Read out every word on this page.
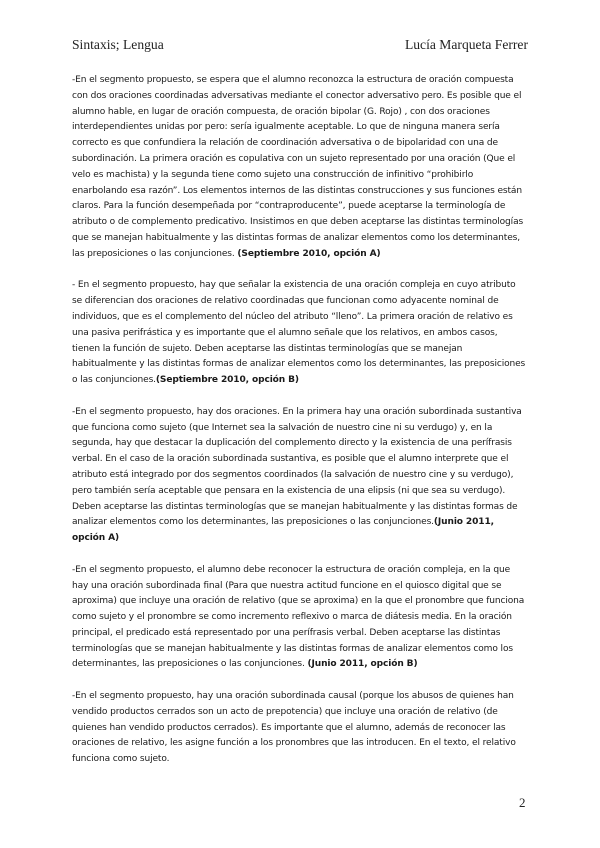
Sintaxis; Lengua	Lucía Marqueta Ferrer

-En el segmento propuesto, se espera que el alumno reconozca la estructura de oración compuesta con dos oraciones coordinadas adversativas mediante el conector adversativo pero. Es posible que el alumno hable, en lugar de oración compuesta, de oración bipolar (G. Rojo) , con dos oraciones interdependientes unidas por pero: sería igualmente aceptable. Lo que de ninguna manera sería correcto es que confundiera la relación de coordinación adversativa o de bipolaridad con una de subordinación. La primera oración es copulativa con un sujeto representado por una oración (Que el velo es machista) y la segunda tiene como sujeto una construcción de infinitivo “prohibirlo enarbolando esa razón”. Los elementos internos de las distintas construcciones y sus funciones están claros. Para la función desempeñada por “contraproducente”, puede aceptarse la terminología de atributo o de complemento predicativo. Insistimos en que deben aceptarse las distintas terminologías que se manejan habitualmente y las distintas formas de analizar elementos como los determinantes, las preposiciones o las conjunciones. (Septiembre 2010, opción A)

- En el segmento propuesto, hay que señalar la existencia de una oración compleja en cuyo atributo se diferencian dos oraciones de relativo coordinadas que funcionan como adyacente nominal de individuos, que es el complemento del núcleo del atributo “lleno”. La primera oración de relativo es una pasiva perifrástica y es importante que el alumno señale que los relativos, en ambos casos, tienen la función de sujeto. Deben aceptarse las distintas terminologías que se manejan habitualmente y las distintas formas de analizar elementos como los determinantes, las preposiciones o las conjunciones.(Septiembre 2010, opción B)

-En el segmento propuesto, hay dos oraciones. En la primera hay una oración subordinada sustantiva que funciona como sujeto (que Internet sea la salvación de nuestro cine ni su verdugo) y, en la segunda, hay que destacar la duplicación del complemento directo y la existencia de una perífrasis verbal. En el caso de la oración subordinada sustantiva, es posible que el alumno interprete que el atributo está integrado por dos segmentos coordinados (la salvación de nuestro cine y su verdugo), pero también sería aceptable que pensara en la existencia de una elipsis (ni que sea su verdugo). Deben aceptarse las distintas terminologías que se manejan habitualmente y las distintas formas de analizar elementos como los determinantes, las preposiciones o las conjunciones.(Junio 2011, opción A)

-En el segmento propuesto, el alumno debe reconocer la estructura de oración compleja, en la que hay una oración subordinada final (Para que nuestra actitud funcione en el quiosco digital que se aproxima) que incluye una oración de relativo (que se aproxima) en la que el pronombre que funciona como sujeto y el pronombre se como incremento reflexivo o marca de diátesis media. En la oración principal, el predicado está representado por una perífrasis verbal. Deben aceptarse las distintas terminologías que se manejan habitualmente y las distintas formas de analizar elementos como los determinantes, las preposiciones o las conjunciones. (Junio 2011, opción B)

-En el segmento propuesto, hay una oración subordinada causal (porque los abusos de quienes han vendido productos cerrados son un acto de prepotencia) que incluye una oración de relativo (de quienes han vendido productos cerrados). Es importante que el alumno, además de reconocer las oraciones de relativo, les asigne función a los pronombres que las introducen. En el texto, el relativo funciona como sujeto.

2
